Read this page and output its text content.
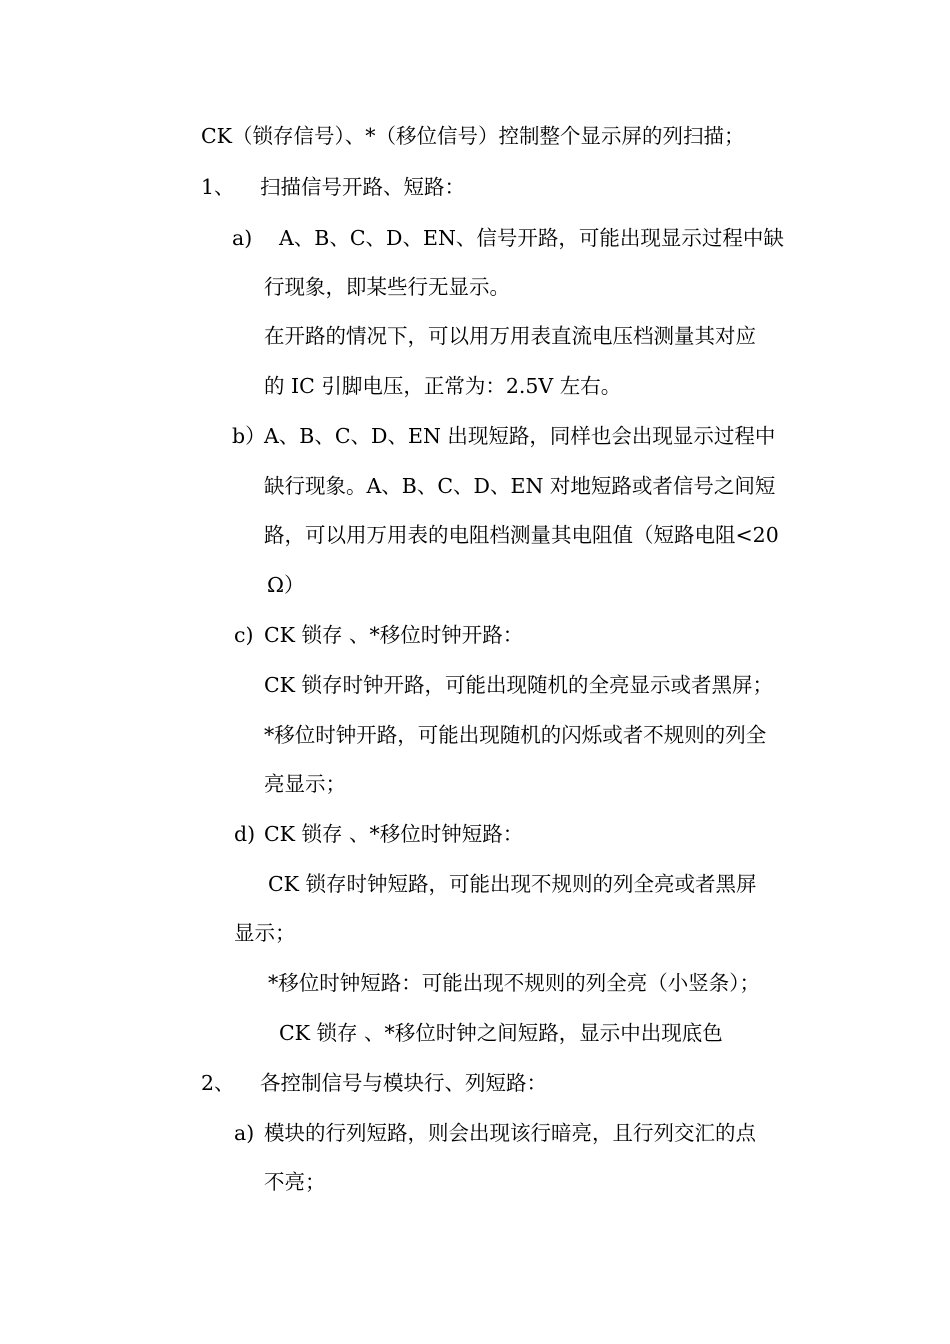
CK（锁存信号）、*（移位信号）控制整个显示屏的列扫描；

1、 扫描信号开路、短路：

a) A、B、C、D、EN、信号开路，可能出现显示过程中缺

行现象，即某些行无显示。

在开路的情况下，可以用万用表直流电压档测量其对应

的 IC 引脚电压，正常为：2.5V 左右。

b）

A、B、C、D、EN 出现短路，同样也会出现显示过程中

缺行现象。A、B、C、D、EN 对地短路或者信号之间短

路，可以用万用表的电阻档测量其电阻值（短路电阻<20

Ω）

c) CK 锁存 、*移位时钟开路：

CK 锁存时钟开路，可能出现随机的全亮显示或者黑屏；

*移位时钟开路，可能出现随机的闪烁或者不规则的列全

亮显示；

d) CK 锁存 、*移位时钟短路：

CK 锁存时钟短路，可能出现不规则的列全亮或者黑屏

显示；

*移位时钟短路：可能出现不规则的列全亮（小竖条）；

CK 锁存 、*移位时钟之间短路，显示中出现底色

2、 各控制信号与模块行、列短路：

a) 模块的行列短路，则会出现该行暗亮，且行列交汇的点

不亮；
